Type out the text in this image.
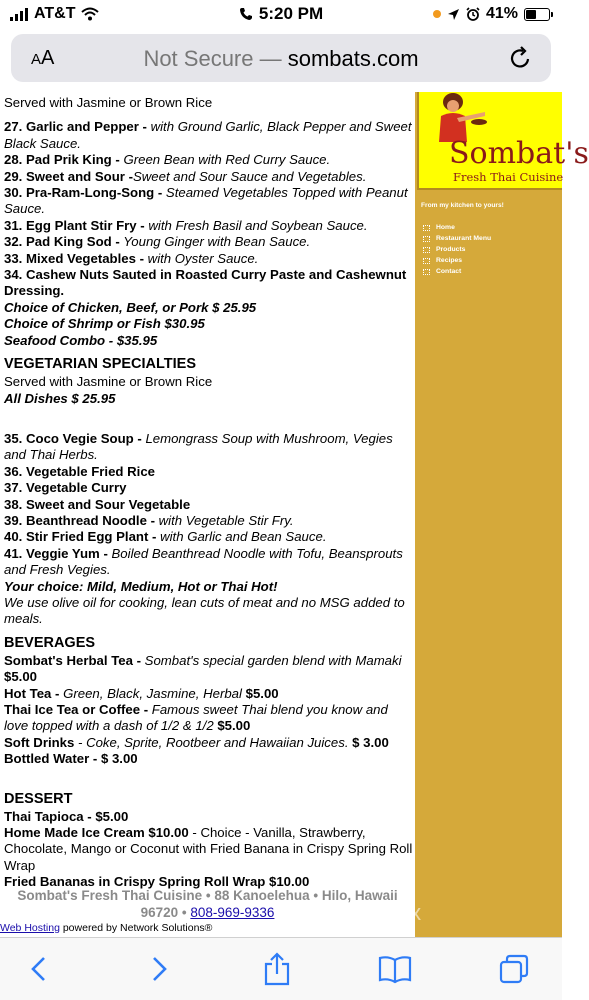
AT&T	5:20 PM	41%
AA	Not Secure — sombats.com

Served with Jasmine or Brown Rice

27. Garlic and Pepper - with Ground Garlic, Black Pepper and Sweet Black Sauce.

28. Pad Prik King - Green Bean with Red Curry Sauce.

29. Sweet and Sour -Sweet and Sour Sauce and Vegetables.

30. Pra-Ram-Long-Song - Steamed Vegetables Topped with Peanut Sauce.

31. Egg Plant Stir Fry - with Fresh Basil and Soybean Sauce.

32. Pad King Sod - Young Ginger with Bean Sauce.

33. Mixed Vegetables - with Oyster Sauce.

34. Cashew Nuts Sauted in Roasted Curry Paste and Cashewnut Dressing.

Choice of Chicken, Beef, or Pork $ 25.95

Choice of Shrimp or Fish $30.95

Seafood Combo - $35.95

VEGETARIAN SPECIALTIES

Served with Jasmine or Brown Rice

All Dishes $ 25.95

35. Coco Vegie Soup - Lemongrass Soup with Mushroom, Vegies and Thai Herbs.

36. Vegetable Fried Rice

37. Vegetable Curry

38. Sweet and Sour Vegetable

39. Beanthread Noodle - with Vegetable Stir Fry.

40. Stir Fried Egg Plant - with Garlic and Bean Sauce.

41. Veggie Yum - Boiled Beanthread Noodle with Tofu, Beansprouts and Fresh Vegies.

Your choice: Mild, Medium, Hot or Thai Hot!

We use olive oil for cooking, lean cuts of meat and no MSG added to meals.

BEVERAGES

Sombat's Herbal Tea - Sombat's special garden blend with Mamaki $5.00

Hot Tea - Green, Black, Jasmine, Herbal $5.00

Thai Ice Tea or Coffee - Famous sweet Thai blend you know and love topped with a dash of 1/2 & 1/2 $5.00

Soft Drinks - Coke, Sprite, Rootbeer and Hawaiian Juices. $ 3.00

Bottled Water - $ 3.00

DESSERT

Thai Tapioca - $5.00

Home Made Ice Cream $10.00 - Choice - Vanilla, Strawberry, Chocolate, Mango or Coconut with Fried Banana in Crispy Spring Roll Wrap

Fried Bananas in Crispy Spring Roll Wrap $10.00

Sombat's Fresh Thai Cuisine • 88 Kanoelehua • Hilo, Hawaii 96720 • 808-969-9336
Web Hosting powered by Network Solutions®
Sombat's
Fresh Thai Cuisine
From my kitchen to yours!
Home
Restaurant Menu
Products
Recipes
Contact
menupix
